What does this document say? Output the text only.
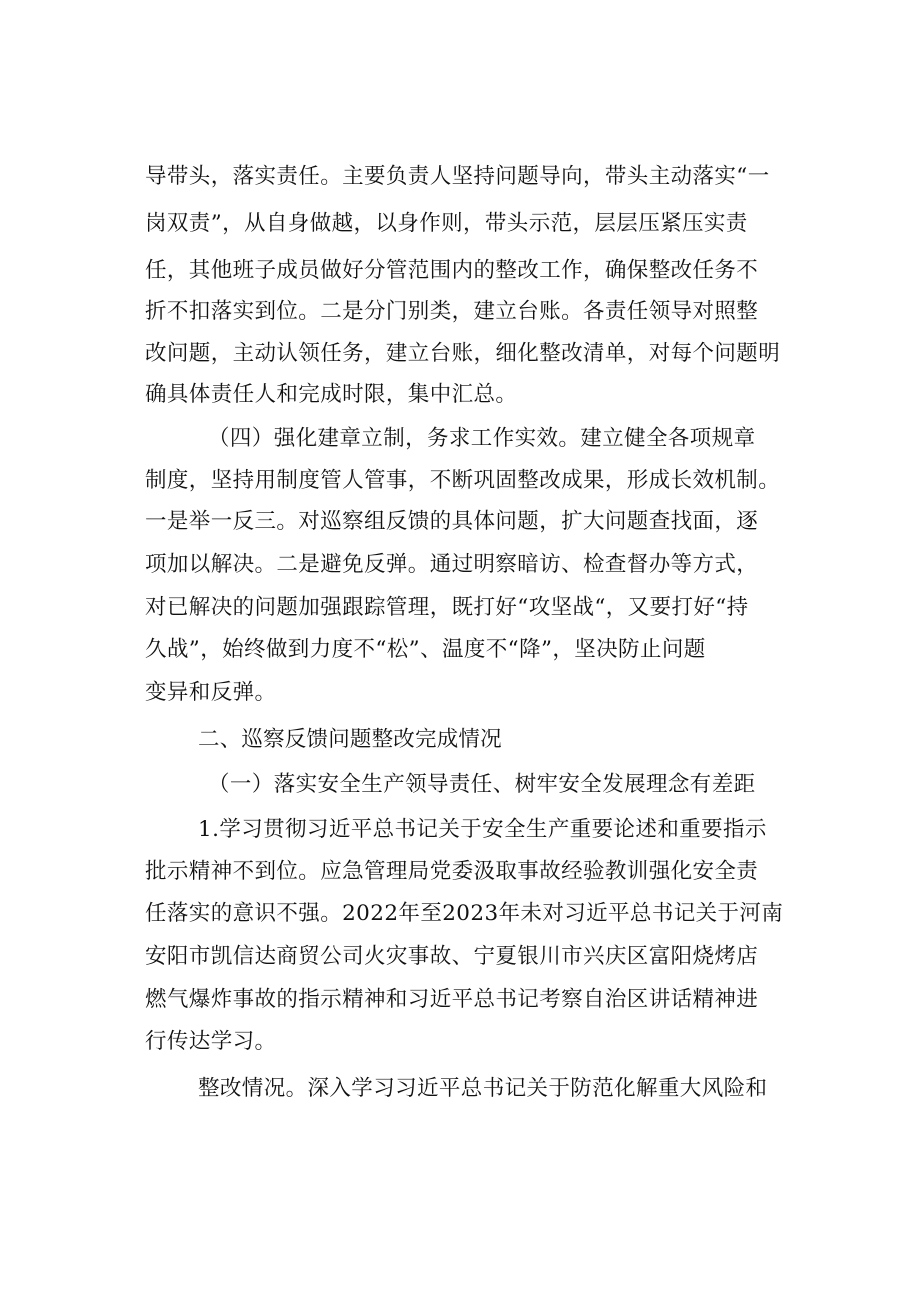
导带头，落实责任。主要负责人坚持问题导向，带头主动落实“一
岗双责”，从自身做越，以身作则，带头示范，层层压紧压实责
任，其他班子成员做好分管范围内的整改工作，确保整改任务不
折不扣落实到位。二是分门别类，建立台账。各责任领导对照整
改问题，主动认领任务，建立台账，细化整改清单，对每个问题明
确具体责任人和完成时限，集中汇总。
（四）强化建章立制，务求工作实效。建立健全各项规章
制度，坚持用制度管人管事，不断巩固整改成果，形成长效机制。
一是举一反三。对巡察组反馈的具体问题，扩大问题查找面，逐
项加以解决。二是避免反弹。通过明察暗访、检查督办等方式，
对已解决的问题加强跟踪管理，既打好“攻坚战“，又要打好“持
久战”，始终做到力度不“松”、温度不“降”，坚决防止问题
变异和反弹。
二、巡察反馈问题整改完成情况
（一）落实安全生产领导责任、树牢安全发展理念有差距
1.学习贯彻习近平总书记关于安全生产重要论述和重要指示
批示精神不到位。应急管理局党委汲取事故经验教训强化安全责
任落实的意识不强。2022年至2023年未对习近平总书记关于河南
安阳市凯信达商贸公司火灾事故、宁夏银川市兴庆区富阳烧烤店
燃气爆炸事故的指示精神和习近平总书记考察自治区讲话精神进
行传达学习。
整改情况。深入学习习近平总书记关于防范化解重大风险和
